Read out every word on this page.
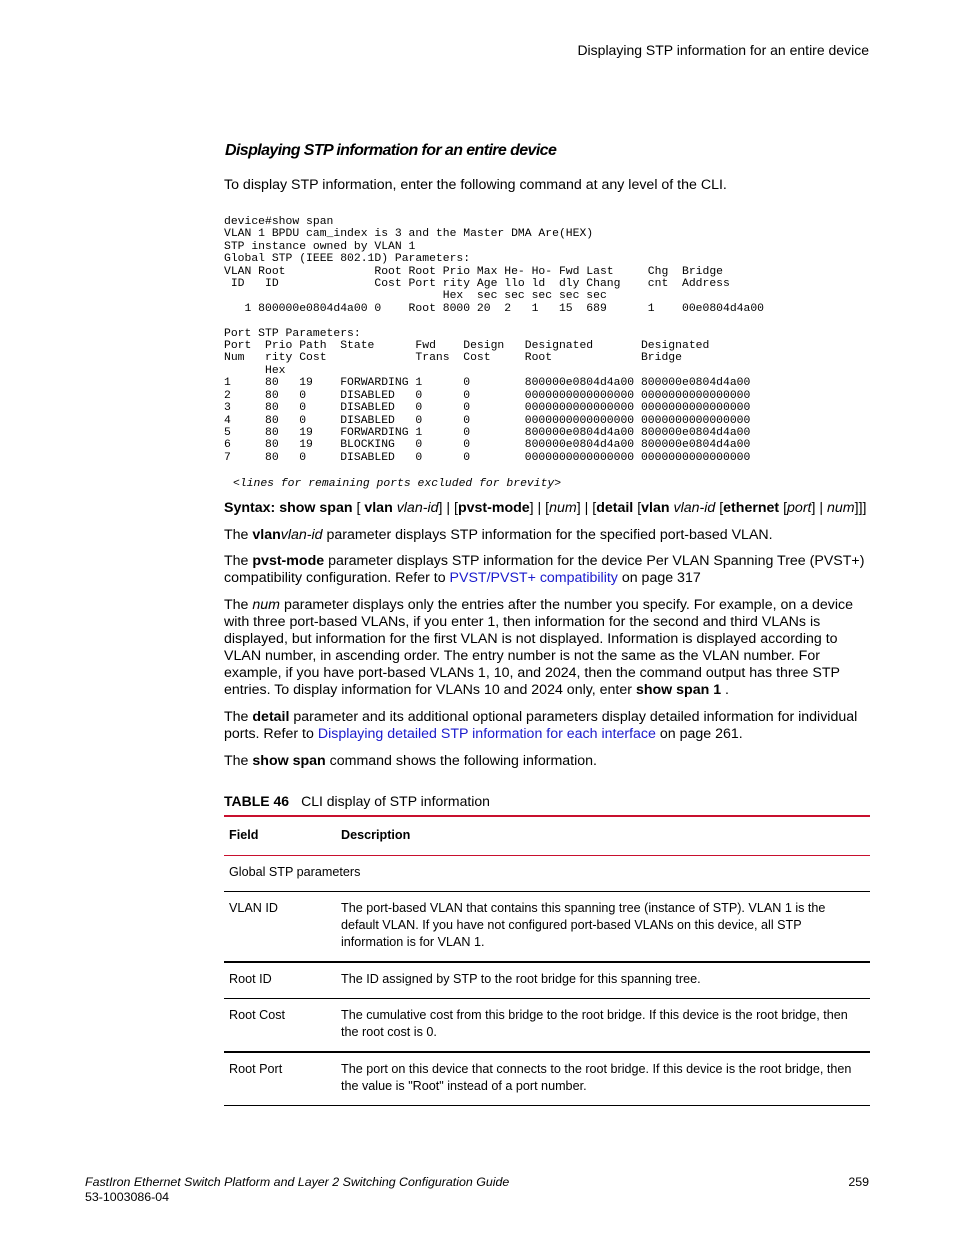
Displaying STP information for an entire device
Displaying STP information for an entire device
To display STP information, enter the following command at any level of the CLI.
device#show span
VLAN 1 BPDU cam_index is 3 and the Master DMA Are(HEX)
STP instance owned by VLAN 1
Global STP (IEEE 802.1D) Parameters:
VLAN Root             Root Root Prio Max He- Ho- Fwd Last     Chg  Bridge
ID   ID              Cost Port rity Age llo ld  dly Chang    cnt  Address
Hex  sec sec sec sec sec
1 800000e0804d4a00 0    Root 8000 20  2   1   15  689      1    00e0804d4a00

Port STP Parameters:
Port  Prio Path  State      Fwd    Design   Designated       Designated
Num   rity Cost             Trans  Cost     Root             Bridge
Hex
1     80   19    FORWARDING 1      0        800000e0804d4a00 800000e0804d4a00
2     80   0     DISABLED   0      0        0000000000000000 0000000000000000
3     80   0     DISABLED   0      0        0000000000000000 0000000000000000
4     80   0     DISABLED   0      0        0000000000000000 0000000000000000
5     80   19    FORWARDING 1      0        800000e0804d4a00 800000e0804d4a00
6     80   19    BLOCKING   0      0        800000e0804d4a00 800000e0804d4a00
7     80   0     DISABLED   0      0        0000000000000000 0000000000000000
<lines for remaining ports excluded for brevity>
Syntax: show span [ vlan vlan-id] | [pvst-mode] | [num] | [detail [vlan vlan-id [ethernet [port] | num]]]
The vlanvlan-id parameter displays STP information for the specified port-based VLAN.
The pvst-mode parameter displays STP information for the device Per VLAN Spanning Tree (PVST+) compatibility configuration. Refer to PVST/PVST+ compatibility on page 317
The num parameter displays only the entries after the number you specify. For example, on a device with three port-based VLANs, if you enter 1, then information for the second and third VLANs is displayed, but information for the first VLAN is not displayed. Information is displayed according to VLAN number, in ascending order. The entry number is not the same as the VLAN number. For example, if you have port-based VLANs 1, 10, and 2024, then the command output has three STP entries. To display information for VLANs 10 and 2024 only, enter show span 1 .
The detail parameter and its additional optional parameters display detailed information for individual ports. Refer to Displaying detailed STP information for each interface on page 261.
The show span command shows the following information.
TABLE 46 CLI display of STP information
Field	Description
Global STP parameters	
VLAN ID	The port-based VLAN that contains this spanning tree (instance of STP). VLAN 1 is the default VLAN. If you have not configured port-based VLANs on this device, all STP information is for VLAN 1.
Root ID	The ID assigned by STP to the root bridge for this spanning tree.
Root Cost	The cumulative cost from this bridge to the root bridge. If this device is the root bridge, then the root cost is 0.
Root Port	The port on this device that connects to the root bridge. If this device is the root bridge, then the value is "Root" instead of a port number.
FastIron Ethernet Switch Platform and Layer 2 Switching Configuration Guide
53-1003086-04
259
